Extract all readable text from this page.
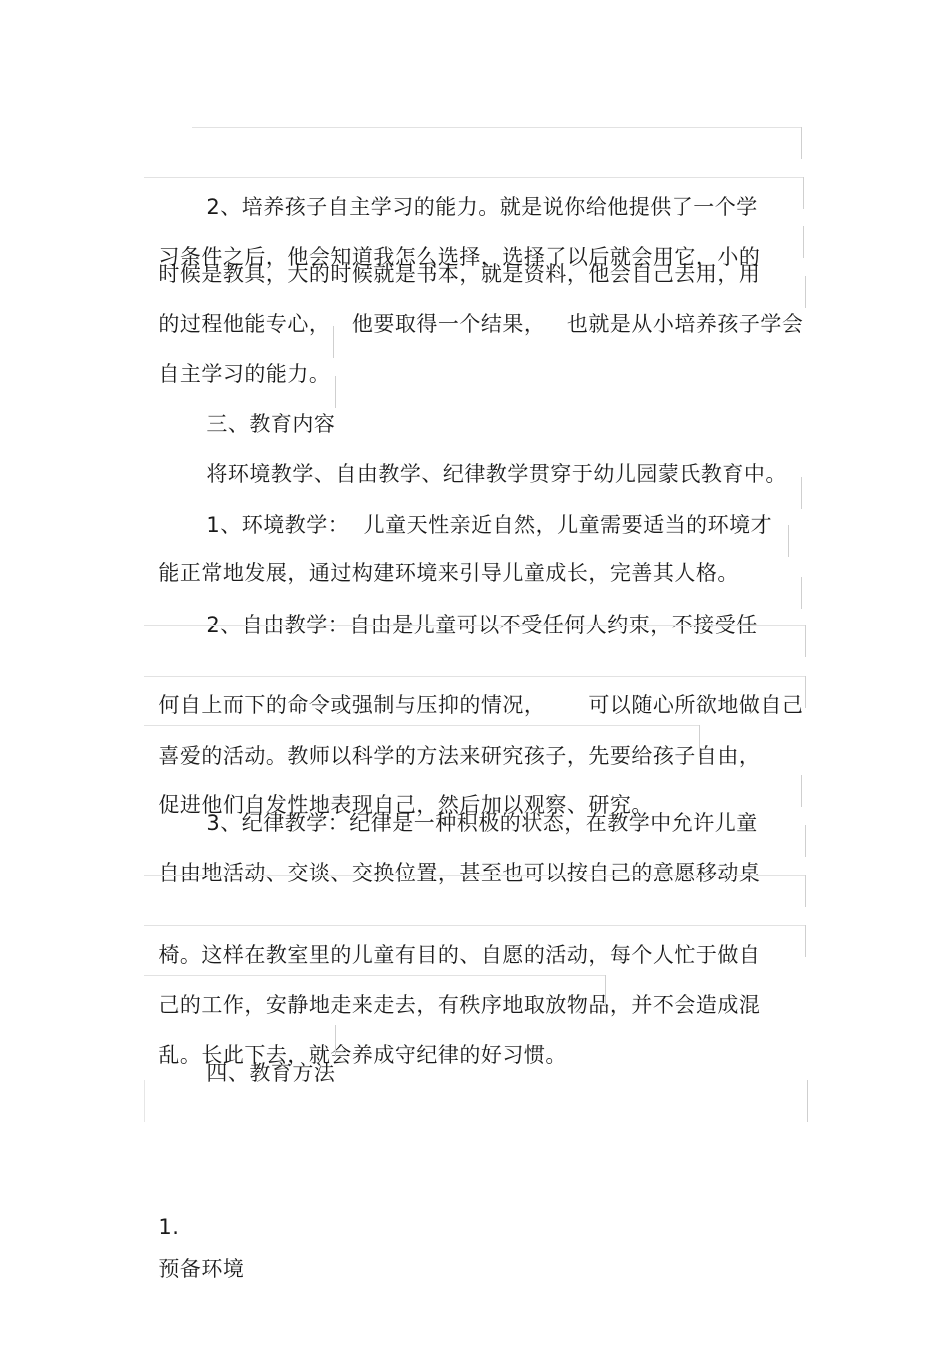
2、培养孩子自主学习的能力。就是说你给他提供了一个学

习条件之后，他会知道我怎么选择，选择了以后就会用它，小的

时候是教具，大的时候就是书本，就是资料，他会自己去用，用

的过程他能专心，   他要取得一个结果，   也就是从小培养孩子学会

自主学习的能力。

三、教育内容

将环境教学、自由教学、纪律教学贯穿于幼儿园蒙氏教育中。

1、环境教学：  儿童天性亲近自然，儿童需要适当的环境才

能正常地发展，通过构建环境来引导儿童成长，完善其人格。

2、自由教学：自由是儿童可以不受任何人约束，不接受任

何自上而下的命令或强制与压抑的情况，      可以随心所欲地做自己

喜爱的活动。教师以科学的方法来研究孩子，先要给孩子自由，

促进他们自发性地表现自己，然后加以观察、研究。

3、纪律教学：纪律是一种积极的状态，在教学中允许儿童

自由地活动、交谈、交换位置，甚至也可以按自己的意愿移动桌

椅。这样在教室里的儿童有目的、自愿的活动，每个人忙于做自

己的工作，安静地走来走去，有秩序地取放物品，并不会造成混

乱。长此下去，就会养成守纪律的好习惯。

四、教育方法

1.
预备环境
